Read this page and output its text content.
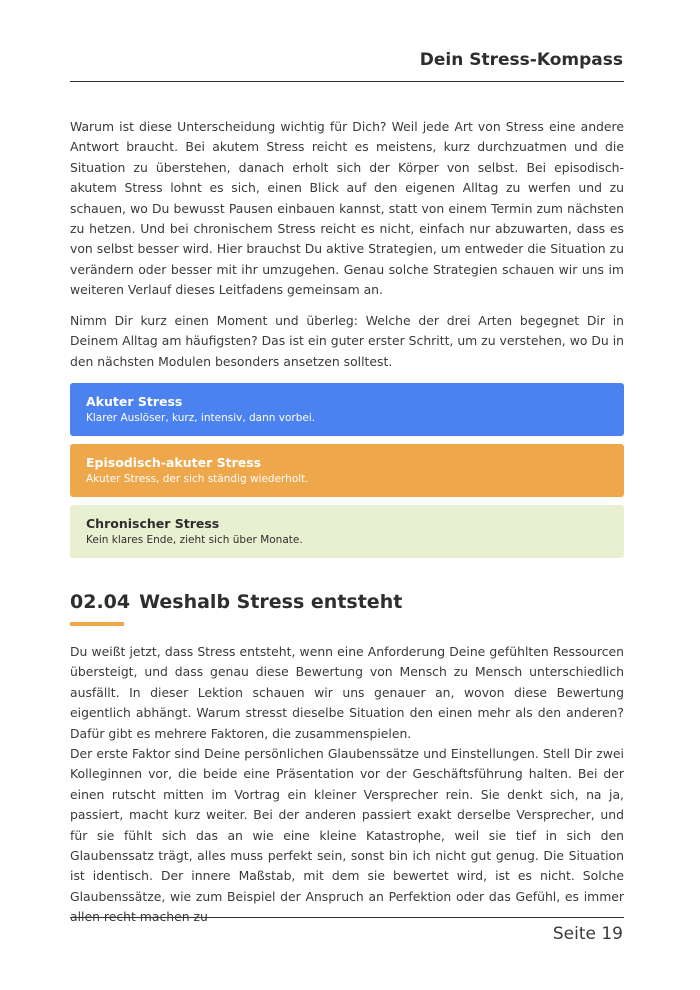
Dein Stress-Kompass

Warum ist diese Unterscheidung wichtig für Dich? Weil jede Art von Stress eine andere Antwort braucht. Bei akutem Stress reicht es meistens, kurz durchzuatmen und die Situation zu überstehen, danach erholt sich der Körper von selbst. Bei episodisch-akutem Stress lohnt es sich, einen Blick auf den eigenen Alltag zu werfen und zu schauen, wo Du bewusst Pausen einbauen kannst, statt von einem Termin zum nächsten zu hetzen. Und bei chronischem Stress reicht es nicht, einfach nur abzuwarten, dass es von selbst besser wird. Hier brauchst Du aktive Strategien, um entweder die Situation zu verändern oder besser mit ihr umzugehen. Genau solche Strategien schauen wir uns im weiteren Verlauf dieses Leitfadens gemeinsam an.

Nimm Dir kurz einen Moment und überleg: Welche der drei Arten begegnet Dir in Deinem Alltag am häufigsten? Das ist ein guter erster Schritt, um zu verstehen, wo Du in den nächsten Modulen besonders ansetzen solltest.

Akuter Stress

Klarer Auslöser, kurz, intensiv, dann vorbei.

Episodisch-akuter Stress

Akuter Stress, der sich ständig wiederholt.

Chronischer Stress

Kein klares Ende, zieht sich über Monate.

02.04 Weshalb Stress entsteht

Du weißt jetzt, dass Stress entsteht, wenn eine Anforderung Deine gefühlten Ressourcen übersteigt, und dass genau diese Bewertung von Mensch zu Mensch unterschiedlich ausfällt. In dieser Lektion schauen wir uns genauer an, wovon diese Bewertung eigentlich abhängt. Warum stresst dieselbe Situation den einen mehr als den anderen? Dafür gibt es mehrere Faktoren, die zusammenspielen.

Der erste Faktor sind Deine persönlichen Glaubenssätze und Einstellungen. Stell Dir zwei Kolleginnen vor, die beide eine Präsentation vor der Geschäftsführung halten. Bei der einen rutscht mitten im Vortrag ein kleiner Versprecher rein. Sie denkt sich, na ja, passiert, macht kurz weiter. Bei der anderen passiert exakt derselbe Versprecher, und für sie fühlt sich das an wie eine kleine Katastrophe, weil sie tief in sich den Glaubenssatz trägt, alles muss perfekt sein, sonst bin ich nicht gut genug. Die Situation ist identisch. Der innere Maßstab, mit dem sie bewertet wird, ist es nicht. Solche Glaubenssätze, wie zum Beispiel der Anspruch an Perfektion oder das Gefühl, es immer allen recht machen zu

Seite 19
